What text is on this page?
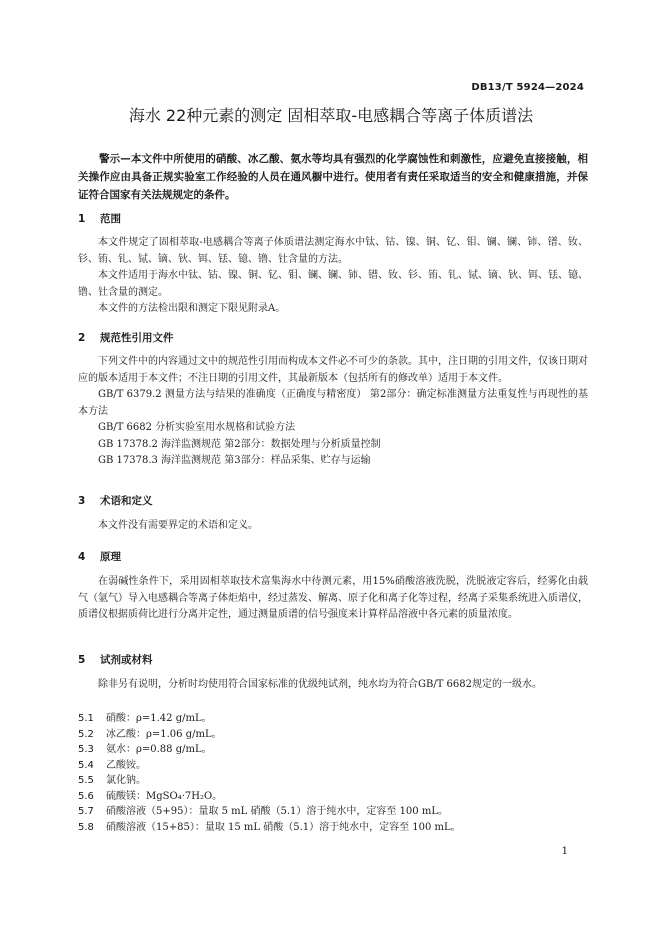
DB13/T 5924—2024
海水 22种元素的测定 固相萃取-电感耦合等离子体质谱法
警示—本文件中所使用的硝酸、冰乙酸、氨水等均具有强烈的化学腐蚀性和刺激性，应避免直接接触，相关操作应由具备正规实验室工作经验的人员在通风橱中进行。使用者有责任采取适当的安全和健康措施，并保证符合国家有关法规规定的条件。
1 范围
本文件规定了固相萃取-电感耦合等离子体质谱法测定海水中钛、钴、镍、铜、钇、钼、镧、镧、铈、镨、钕、钐、铕、钆、铽、镝、钬、铒、铥、镱、镥、钍含量的方法。
本文件适用于海水中钛、钴、镍、铜、钇、钼、镧、镧、铈、镨、钕、钐、铕、钆、铽、镝、钬、铒、铥、镱、镥、钍含量的测定。
本文件的方法检出限和测定下限见附录A。
2 规范性引用文件
下列文件中的内容通过文中的规范性引用而构成本文件必不可少的条款。其中，注日期的引用文件，仅该日期对应的版本适用于本文件；不注日期的引用文件，其最新版本（包括所有的修改单）适用于本文件。
GB/T 6379.2 测量方法与结果的准确度（正确度与精密度） 第2部分：确定标准测量方法重复性与再现性的基本方法
GB/T 6682 分析实验室用水规格和试验方法
GB 17378.2 海洋监测规范 第2部分：数据处理与分析质量控制
GB 17378.3 海洋监测规范 第3部分：样品采集、贮存与运输
3 术语和定义
本文件没有需要界定的术语和定义。
4 原理
在弱碱性条件下，采用固相萃取技术富集海水中待测元素，用15%硝酸溶液洗脱，洗脱液定容后，经雾化由载气（氩气）导入电感耦合等离子体炬焰中，经过蒸发、解离、原子化和离子化等过程，经离子采集系统进入质谱仪，质谱仪根据质荷比进行分离并定性，通过测量质谱的信号强度来计算样品溶液中各元素的质量浓度。
5 试剂或材料
除非另有说明，分析时均使用符合国家标准的优级纯试剂，纯水均为符合GB/T 6682规定的一级水。
5.1 硝酸：ρ=1.42 g/mL。
5.2 冰乙酸：ρ=1.06 g/mL。
5.3 氨水：ρ=0.88 g/mL。
5.4 乙酸铵。
5.5 氯化钠。
5.6 硫酸镁：MgSO₄·7H₂O。
5.7 硝酸溶液（5+95）：量取 5 mL 硝酸（5.1）溶于纯水中，定容至 100 mL。
5.8 硝酸溶液（15+85）：量取 15 mL 硝酸（5.1）溶于纯水中，定容至 100 mL。
1
